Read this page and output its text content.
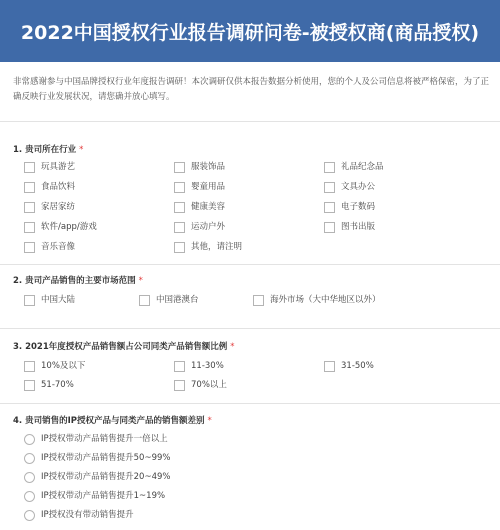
2022中国授权行业报告调研问卷-被授权商(商品授权)
非常感谢参与中国品牌授权行业年度报告调研！本次调研仅供本报告数据分析使用，您的个人及公司信息将被严格保密，为了正确反映行业发展状况，请您确并放心填写。
1. 贵司所在行业 *
玩具游艺	服装饰品	礼品纪念品
食品饮料	婴童用品	文具办公
家居家纺	健康美容	电子数码
软件/app/游戏	运动户外	图书出版
音乐音像	其他，请注明
2. 贵司产品销售的主要市场范围 *
中国大陆	中国港澳台	海外市场（大中华地区以外）
3. 2021年度授权产品销售额占公司同类产品销售额比例 *
10%及以下	11-30%	31-50%
51-70%	70%以上
4. 贵司销售的IP授权产品与同类产品的销售额差别 *
IP授权带动产品销售提升一倍以上
IP授权带动产品销售提升50~99%
IP授权带动产品销售提升20~49%
IP授权带动产品销售提升1~19%
IP授权没有带动销售提升
